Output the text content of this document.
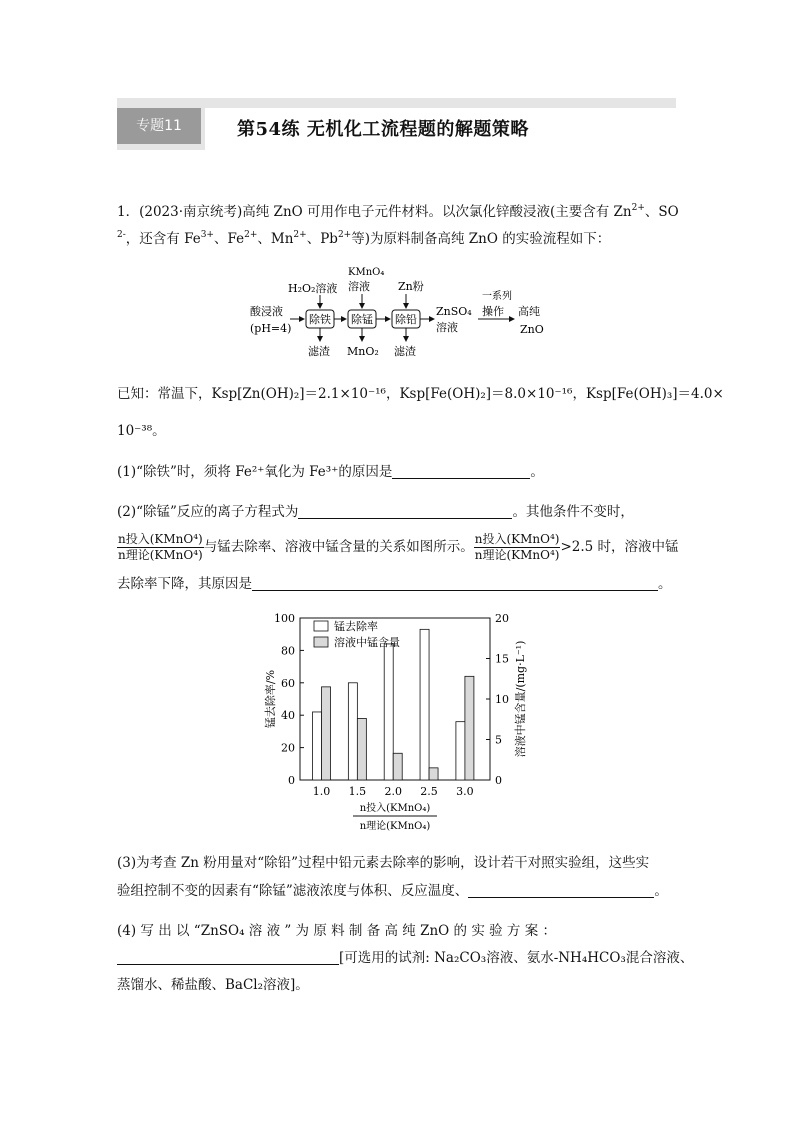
专题11	第54练 无机化工流程题的解题策略
1．(2023·南京统考)高纯 ZnO 可用作电子元件材料。以次氯化锌酸浸液(主要含有 $Zn^{2+}$、SO
$^{2-}$，还含有 $Fe^{3+}$、$Fe^{2+}$、$Mn^{2+}$、$Pb^{2+}$等)为原料制备高纯 ZnO 的实验流程如下：
H₂O₂溶液
KMnO₄
溶液	Zn粉
酸浸液
(pH=4)
除铁 除锰 除铅
滤渣 MnO₂ 滤渣
ZnSO₄
溶液
一系列
操作 高纯
ZnO
已知：常温下，Ksp[Zn(OH)₂]＝2.1×10⁻¹⁶，Ksp[Fe(OH)₂]＝8.0×10⁻¹⁶，Ksp[Fe(OH)₃]＝4.0×
10⁻³⁸。
(1)“除铁”时，须将 Fe²⁺氧化为 Fe³⁺的原因是	。
(2)“除锰”反应的离子方程式为	。其他条件不变时，
$\frac{\text{n投入(KMnO⁴)}}{\text{n理论(KMnO⁴)}}$ 与锰去除率、溶液中锰含量的关系如图所示。 $\frac{\text{n投入(KMnO⁴)}}{\text{n理论(KMnO⁴)}} >2.5$ 时，溶液中锰
去除率下降，其原因是	。
0
20
40
60
80
100
0
5
10
15
20
1.0 1.5 2.0 2.5 3.0
锰去除率
溶液中锰含量
锰去除率/%	溶液中锰含量/(mg·L⁻¹)
n投入(KMnO₄)
n理论(KMnO₄)
(3)为考查 Zn 粉用量对“除铅”过程中铅元素去除率的影响，设计若干对照实验组，这些实
验组控制不变的因素有“除锰”滤液浓度与体积、反应温度、	。
(4) 写 出 以 “ZnSO₄ 溶 液 ” 为 原 料 制 备 高 纯 ZnO 的 实 验 方 案 ：
[可选用的试剂: Na₂CO₃溶液、氨水-NH₄HCO₃混合溶液、
蒸馏水、稀盐酸、BaCl₂溶液]。
